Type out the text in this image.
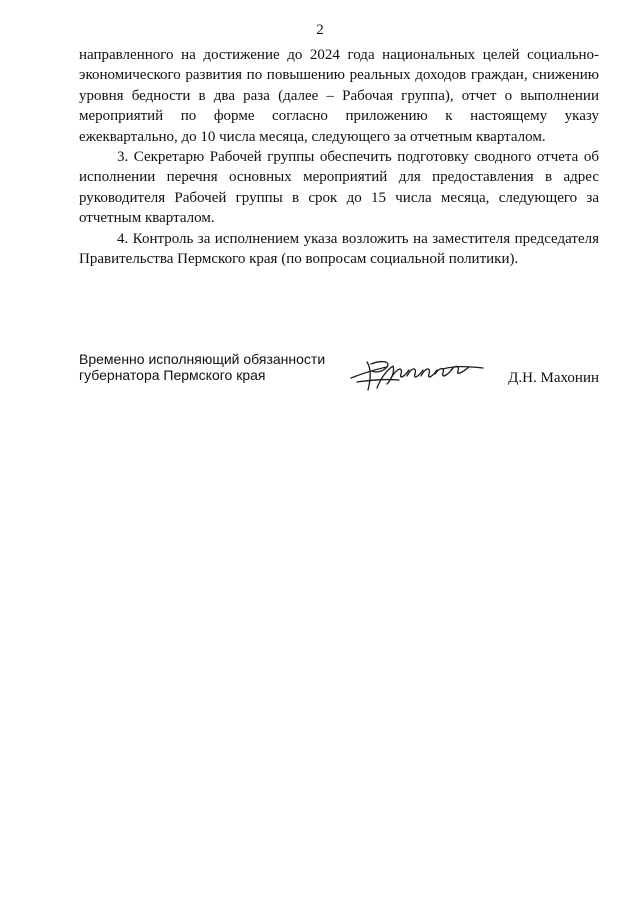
2

направленного на достижение до 2024 года национальных целей социально-экономического развития по повышению реальных доходов граждан, снижению уровня бедности в два раза (далее – Рабочая группа), отчет о выполнении мероприятий по форме согласно приложению к настоящему указу ежеквартально, до 10 числа месяца, следующего за отчетным кварталом.

3. Секретарю Рабочей группы обеспечить подготовку сводного отчета об исполнении перечня основных мероприятий для предоставления в адрес руководителя Рабочей группы в срок до 15 числа месяца, следующего за отчетным кварталом.

4. Контроль за исполнением указа возложить на заместителя председателя Правительства Пермского края (по вопросам социальной политики).

Временно исполняющий обязанности
губернатора Пермского края	Д.Н. Махонин
